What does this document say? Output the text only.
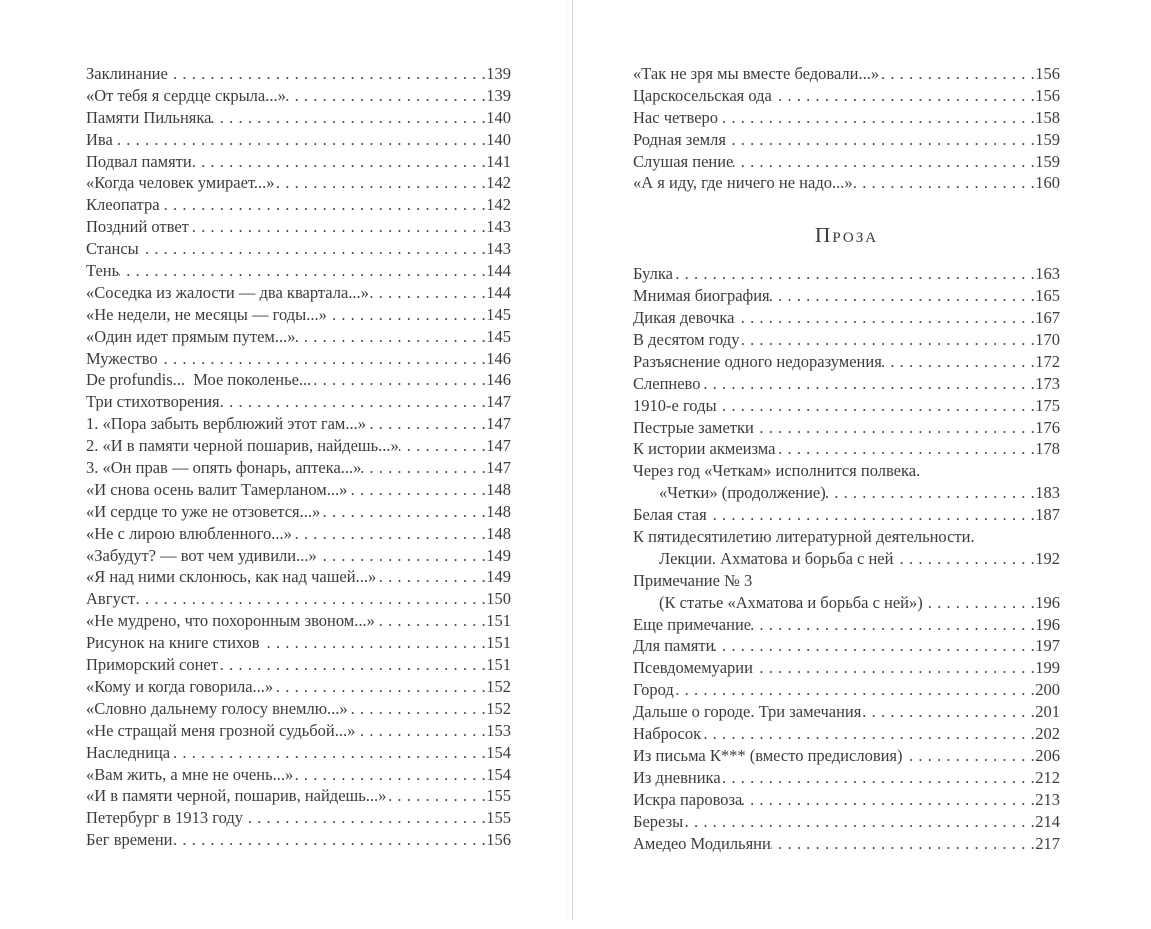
Заклинание . . .	139
«От тебя я сердце скрыла...» . . .	139
Памяти Пильняка . . .	140
Ива . . .	140
Подвал памяти . . .	141
«Когда человек умирает...» . . .	142
Клеопатра . . .	142
Поздний ответ . . .	143
Стансы . . .	143
Тень . . .	144
«Соседка из жалости — два квартала...» . . .	144
«Не недели, не месяцы — годы...» . . .	145
«Один идет прямым путем...» . . .	145
Мужество . . .	146
De profundis...  Мое поколенье... . . .	146
Три стихотворения . . .	147
1. «Пора забыть верблюжий этот гам...» . . .	147
2. «И в памяти черной пошарив, найдешь...» . . .	147
3. «Он прав — опять фонарь, аптека...» . . .	147
«И снова осень валит Тамерланом...» . . .	148
«И сердце то уже не отзовется...» . . .	148
«Не с лирою влюбленного...» . . .	148
«Забудут? — вот чем удивили...» . . .	149
«Я над ними склонюсь, как над чашей...» . . .	149
Август . . .	150
«Не мудрено, что похоронным звоном...» . . .	151
Рисунок на книге стихов . . .	151
Приморский сонет . . .	151
«Кому и когда говорила...» . . .	152
«Словно дальнему голосу внемлю...» . . .	152
«Не стращай меня грозной судьбой...» . . .	153
Наследница . . .	154
«Вам жить, а мне не очень...» . . .	154
«И в памяти черной, пошарив, найдешь...» . . .	155
Петербург в 1913 году . . .	155
Бег времени . . .	156
«Так не зря мы вместе бедовали...» . . .	156
Царскосельская ода . . .	156
Нас четверо . . .	158
Родная земля . . .	159
Слушая пение . . .	159
«А я иду, где ничего не надо...» . . .	160
Проза
Булка . . .	163
Мнимая биография . . .	165
Дикая девочка . . .	167
В десятом году . . .	170
Разъяснение одного недоразумения . . .	172
Слепнево . . .	173
1910-е годы . . .	175
Пестрые заметки . . .	176
К истории акмеизма . . .	178
Через год «Четкам» исполнится полвека.
«Четки» (продолжение) . . .	183
Белая стая . . .	187
К пятидесятилетию литературной деятельности.
Лекции. Ахматова и борьба с ней . . .	192
Примечание № 3
(К статье «Ахматова и борьба с ней») . . .	196
Еще примечание . . .	196
Для памяти . . .	197
Псевдомемуарии . . .	199
Город . . .	200
Дальше о городе. Три замечания . . .	201
Набросок . . .	202
Из письма К*** (вместо предисловия) . . .	206
Из дневника . . .	212
Искра паровоза . . .	213
Березы . . .	214
Амедео Модильяни . . .	217
